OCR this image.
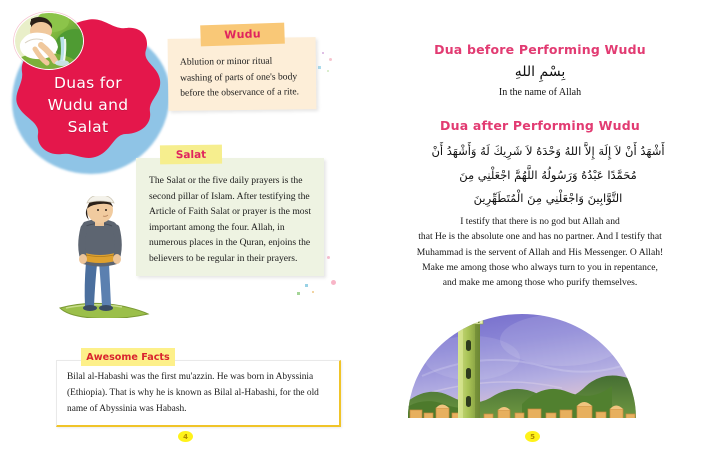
Duas for
Wudu and
Salat
Wudu
Ablution or minor ritual washing of parts of one's body before the observance of a rite.
Salat
The Salat or the five daily prayers is the second pillar of Islam. After testifying the Article of Faith Salat or prayer is the most important among the four. Allah, in numerous places in the Quran, enjoins the believers to be regular in their prayers.
Awesome Facts
Bilal al-Habashi was the first mu'azzin. He was born in Abyssinia (Ethiopia). That is why he is known as Bilal al-Habashi, for the old name of Abyssinia was Habash.
4
Dua before Performing Wudu
بِسْمِ اللهِ
In the name of Allah
Dua after Performing Wudu
أَشْهَدُ أَنْ لاَ إِلَهَ إِلاَّ اللهُ وَحْدَهُ لاَ شَرِيكَ لَهُ وَأَشْهَدُ أَنْ
مُحَمَّدًا عَبْدُهُ وَرَسُولُهُ اللَّهُمَّ اجْعَلْنِي مِنَ
التَّوَّابِينَ وَاجْعَلْنِي مِنَ الْمُتَطَهِّرِينَ
I testify that there is no god but Allah and
that He is the absolute one and has no partner. And I testify that
Muhammad is the servent of Allah and His Messenger. O Allah!
Make me among those who always turn to you in repentance,
and make me among those who purify themselves.
5
